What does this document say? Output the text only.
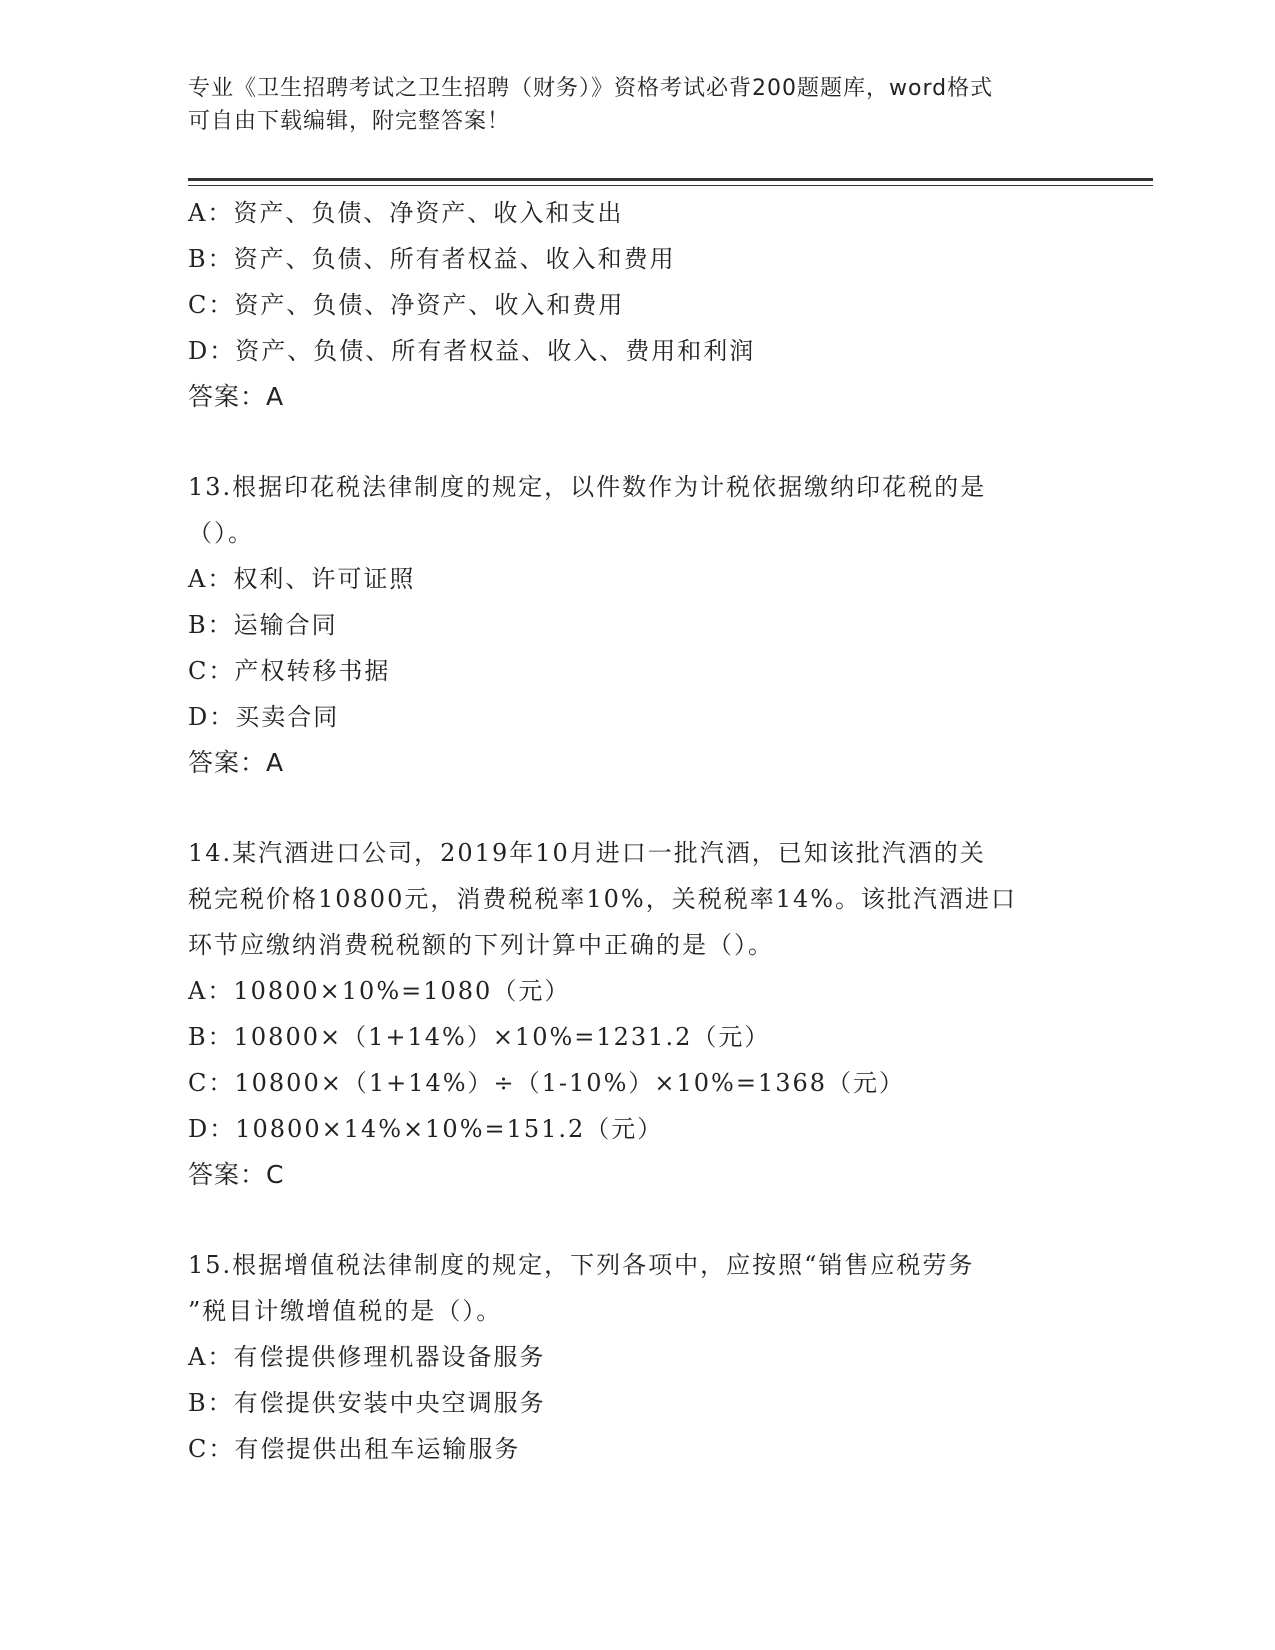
专业《卫生招聘考试之卫生招聘（财务）》资格考试必背200题题库，word格式
可自由下载编辑，附完整答案！
A：资产、负债、净资产、收入和支出
B：资产、负债、所有者权益、收入和费用
C：资产、负债、净资产、收入和费用
D：资产、负债、所有者权益、收入、费用和利润
答案：A
13.根据印花税法律制度的规定，以件数作为计税依据缴纳印花税的是
（）。
A：权利、许可证照
B：运输合同
C：产权转移书据
D：买卖合同
答案：A
14.某汽酒进口公司，2019年10月进口一批汽酒，已知该批汽酒的关
税完税价格10800元，消费税税率10%，关税税率14%。该批汽酒进口
环节应缴纳消费税税额的下列计算中正确的是（）。
A：10800×10%=1080（元）
B：10800×（1+14%）×10%=1231.2（元）
C：10800×（1+14%）÷（1-10%）×10%=1368（元）
D：10800×14%×10%=151.2（元）
答案：C
15.根据增值税法律制度的规定，下列各项中，应按照“销售应税劳务
”税目计缴增值税的是（）。
A：有偿提供修理机器设备服务
B：有偿提供安装中央空调服务
C：有偿提供出租车运输服务
